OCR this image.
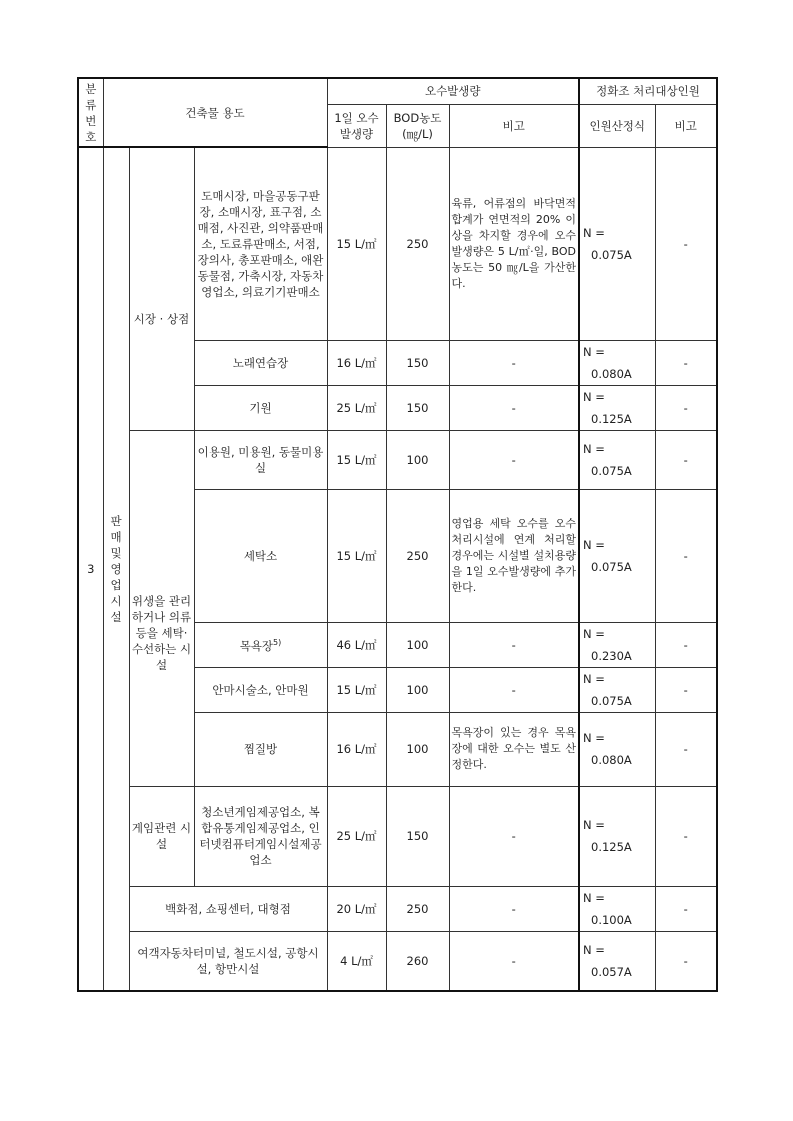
분류번호	건축물 용도			오수발생량			정화조 처리대상인원	
				1일 오수 발생량	BOD농도 (㎎/L)	비고	인원산정식	비고
3	판매및영업시설	시장 · 상점	도매시장, 마을공동구판장, 소매시장, 표구점, 소매점, 사진관, 의약품판매소, 도료류판매소, 서점, 장의사, 총포판매소, 애완동물점, 가축시장, 자동차영업소, 의료기기판매소	15 L/㎡	250	육류, 어류점의 바닥면적 합계가 연면적의 20% 이상을 차지할 경우에 오수발생량은 5 L/㎡·일, BOD농도는 50 ㎎/L을 가산한다.	N =
0.075A	-
			노래연습장	16 L/㎡	150	-	N =
0.080A	-
			기원	25 L/㎡	150	-	N =
0.125A	-
		위생을 관리하거나 의류 등을 세탁·수선하는 시설	이용원, 미용원, 동물미용실	15 L/㎡	100	-	N =
0.075A	-
			세탁소	15 L/㎡	250	영업용 세탁 오수를 오수처리시설에 연계 처리할 경우에는 시설별 설치용량을 1일 오수발생량에 추가한다.	N =
0.075A	-
			목욕장$^{5)}$	46 L/㎡	100	-	N =
0.230A	-
			안마시술소, 안마원	15 L/㎡	100	-	N =
0.075A	-
			찜질방	16 L/㎡	100	목욕장이 있는 경우 목욕장에 대한 오수는 별도 산정한다.	N =
0.080A	-
		게임관련 시설	청소년게임제공업소, 복합유통게임제공업소, 인터넷컴퓨터게임시설제공업소	25 L/㎡	150	-	N =
0.125A	-
		백화점, 쇼핑센터, 대형점		20 L/㎡	250	-	N =
0.100A	-
		여객자동차터미널, 철도시설, 공항시설, 항만시설		4 L/㎡	260	-	N =
0.057A	-
